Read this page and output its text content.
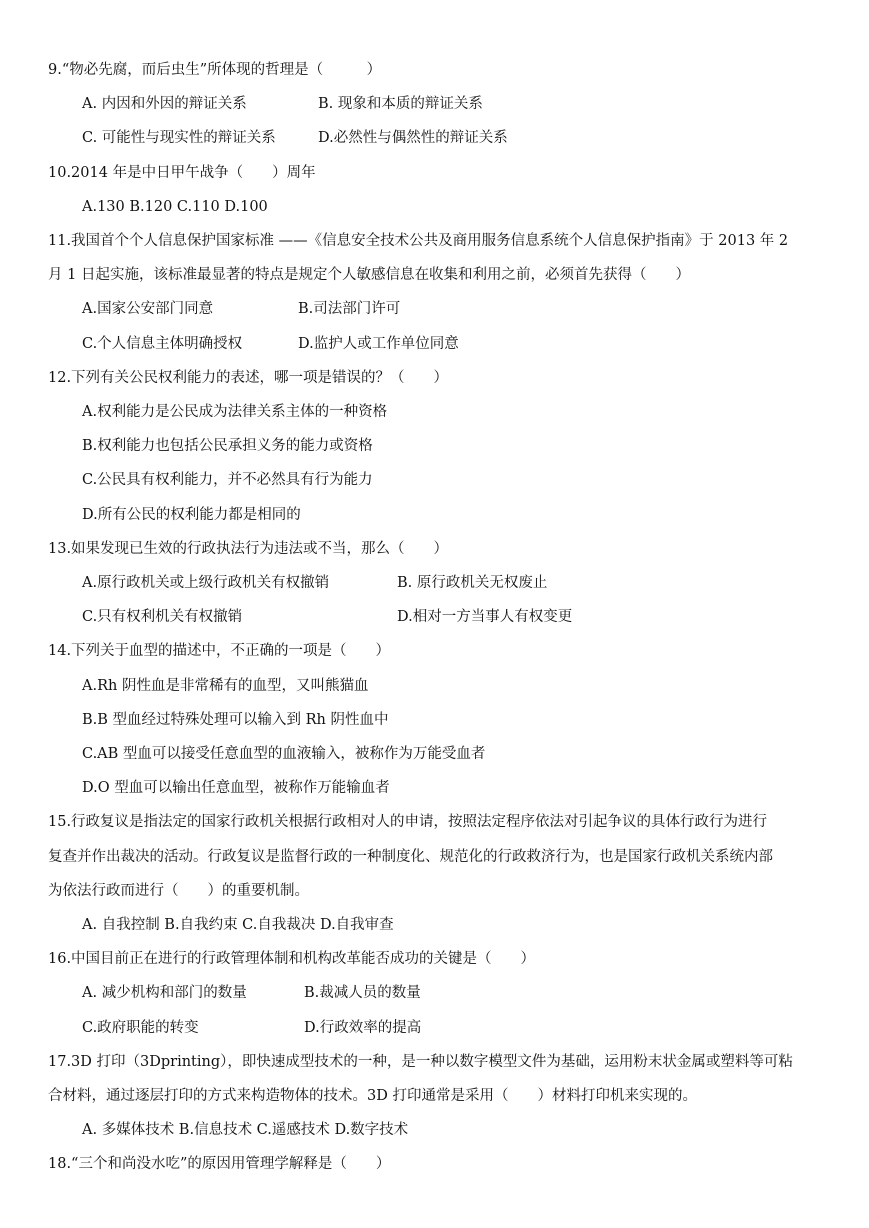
9.“物必先腐，而后虫生”所体现的哲理是（　　　）
A. 内因和外因的辩证关系	B. 现象和本质的辩证关系
C. 可能性与现实性的辩证关系	D.必然性与偶然性的辩证关系
10.2014 年是中日甲午战争（　　）周年
A.130 B.120 C.110 D.100
11.我国首个个人信息保护国家标准 ——《信息安全技术公共及商用服务信息系统个人信息保护指南》于 2013 年 2
月 1 日起实施，该标准最显著的特点是规定个人敏感信息在收集和利用之前，必须首先获得（　　）
A.国家公安部门同意	B.司法部门许可
C.个人信息主体明确授权	D.监护人或工作单位同意
12.下列有关公民权利能力的表述，哪一项是错误的？（　　）
A.权利能力是公民成为法律关系主体的一种资格
B.权利能力也包括公民承担义务的能力或资格
C.公民具有权利能力，并不必然具有行为能力
D.所有公民的权利能力都是相同的
13.如果发现已生效的行政执法行为违法或不当，那么（　　）
A.原行政机关或上级行政机关有权撤销	B. 原行政机关无权废止
C.只有权利机关有权撤销	D.相对一方当事人有权变更
14.下列关于血型的描述中，不正确的一项是（　　）
A.Rh 阴性血是非常稀有的血型，又叫熊猫血
B.B 型血经过特殊处理可以输入到 Rh 阴性血中
C.AB 型血可以接受任意血型的血液输入，被称作为万能受血者
D.O 型血可以输出任意血型，被称作万能输血者
15.行政复议是指法定的国家行政机关根据行政相对人的申请，按照法定程序依法对引起争议的具体行政行为进行
复查并作出裁决的活动。行政复议是监督行政的一种制度化、规范化的行政救济行为，也是国家行政机关系统内部
为依法行政而进行（　　）的重要机制。
A. 自我控制 B.自我约束 C.自我裁决 D.自我审查
16.中国目前正在进行的行政管理体制和机构改革能否成功的关键是（　　）
A. 减少机构和部门的数量	B.裁减人员的数量
C.政府职能的转变	D.行政效率的提高
17.3D 打印（3Dprinting），即快速成型技术的一种，是一种以数字模型文件为基础，运用粉末状金属或塑料等可粘
合材料，通过逐层打印的方式来构造物体的技术。3D 打印通常是采用（　　）材料打印机来实现的。
A. 多媒体技术 B.信息技术 C.遥感技术 D.数字技术
18.“三个和尚没水吃”的原因用管理学解释是（　　）
